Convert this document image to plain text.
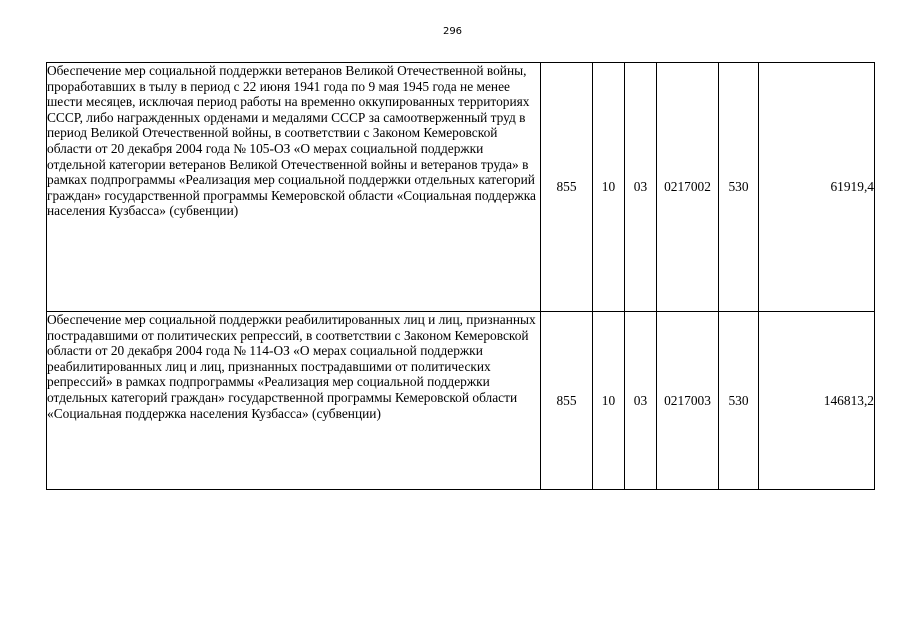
296
Обеспечение мер социальной поддержки ветеранов Великой Отечественной войны, проработавших в тылу в период с 22 июня 1941 года по 9 мая 1945 года не менее шести месяцев, исключая период работы на временно оккупированных территориях СССР, либо награжденных орденами и медалями СССР за самоотверженный труд в период Великой Отечественной войны, в соответствии с Законом Кемеровской области от 20 декабря 2004 года № 105-ОЗ «О мерах социальной поддержки отдельной категории ветеранов Великой Отечественной войны и ветеранов труда» в рамках подпрограммы «Реализация мер социальной поддержки отдельных категорий граждан» государственной программы Кемеровской области «Социальная поддержка населения Кузбасса» (субвенции)	855	10	03	0217002	530	61919,4
Обеспечение мер социальной поддержки реабилитированных лиц и лиц, признанных пострадавшими от политических репрессий, в соответствии с Законом Кемеровской области от 20 декабря 2004 года № 114-ОЗ «О мерах социальной поддержки реабилитированных лиц и лиц, признанных пострадавшими от политических репрессий» в рамках подпрограммы «Реализация мер социальной поддержки отдельных категорий граждан» государственной программы Кемеровской области «Социальная поддержка населения Кузбасса» (субвенции)	855	10	03	0217003	530	146813,2
